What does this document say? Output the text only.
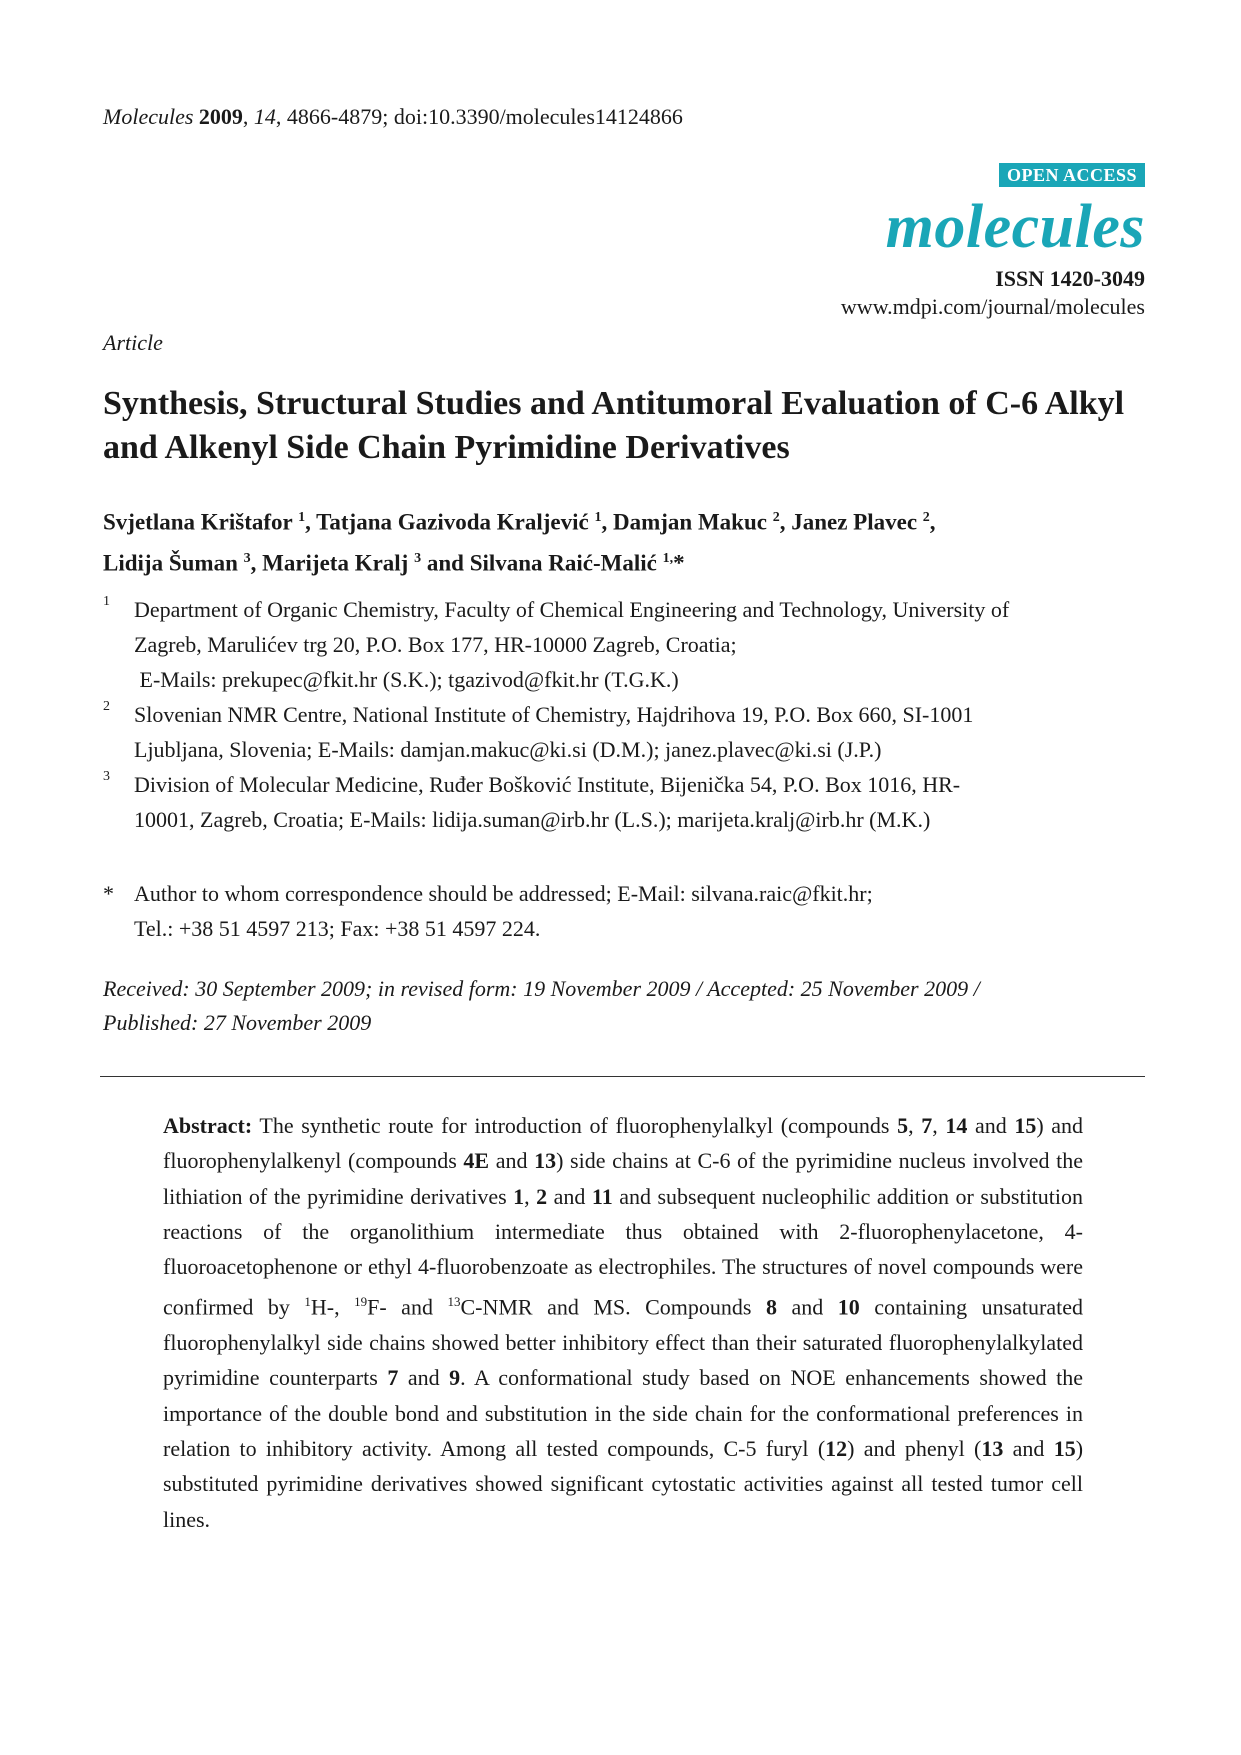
Molecules 2009, 14, 4866-4879; doi:10.3390/molecules14124866
OPEN ACCESS
molecules
ISSN 1420-3049
www.mdpi.com/journal/molecules
Article
Synthesis, Structural Studies and Antitumoral Evaluation of C-6 Alkyl and Alkenyl Side Chain Pyrimidine Derivatives
Svjetlana Krištafor $^1$, Tatjana Gazivoda Kraljević $^1$, Damjan Makuc $^2$, Janez Plavec $^2$,
Lidija Šuman $^3$, Marijeta Kralj $^3$ and Silvana Raić-Malić $^{1,}$*
1 Department of Organic Chemistry, Faculty of Chemical Engineering and Technology, University of
Zagreb, Marulićev trg 20, P.O. Box 177, HR-10000 Zagreb, Croatia;
E-Mails: prekupec@fkit.hr (S.K.); tgazivod@fkit.hr (T.G.K.)
2 Slovenian NMR Centre, National Institute of Chemistry, Hajdrihova 19, P.O. Box 660, SI-1001
Ljubljana, Slovenia; E-Mails: damjan.makuc@ki.si (D.M.); janez.plavec@ki.si (J.P.)
3 Division of Molecular Medicine, Ruđer Bošković Institute, Bijenička 54, P.O. Box 1016, HR-
10001, Zagreb, Croatia; E-Mails: lidija.suman@irb.hr (L.S.); marijeta.kralj@irb.hr (M.K.)
* Author to whom correspondence should be addressed; E-Mail: silvana.raic@fkit.hr;
Tel.: +38 51 4597 213; Fax: +38 51 4597 224.
Received: 30 September 2009; in revised form: 19 November 2009 / Accepted: 25 November 2009 /
Published: 27 November 2009

Abstract: The synthetic route for introduction of fluorophenylalkyl (compounds 5, 7, 14 and 15) and fluorophenylalkenyl (compounds 4E and 13) side chains at C-6 of the pyrimidine nucleus involved the lithiation of the pyrimidine derivatives 1, 2 and 11 and subsequent nucleophilic addition or substitution reactions of the organolithium intermediate thus obtained with 2-fluorophenylacetone, 4-fluoroacetophenone or ethyl 4-fluorobenzoate as electrophiles. The structures of novel compounds were confirmed by $^1$H-, $^{19}$F- and $^{13}$C-NMR and MS. Compounds 8 and 10 containing unsaturated fluorophenylalkyl side chains showed better inhibitory effect than their saturated fluorophenylalkylated pyrimidine counterparts 7 and 9. A conformational study based on NOE enhancements showed the importance of the double bond and substitution in the side chain for the conformational preferences in relation to inhibitory activity. Among all tested compounds, C-5 furyl (12) and phenyl (13 and 15) substituted pyrimidine derivatives showed significant cytostatic activities against all tested tumor cell lines.
